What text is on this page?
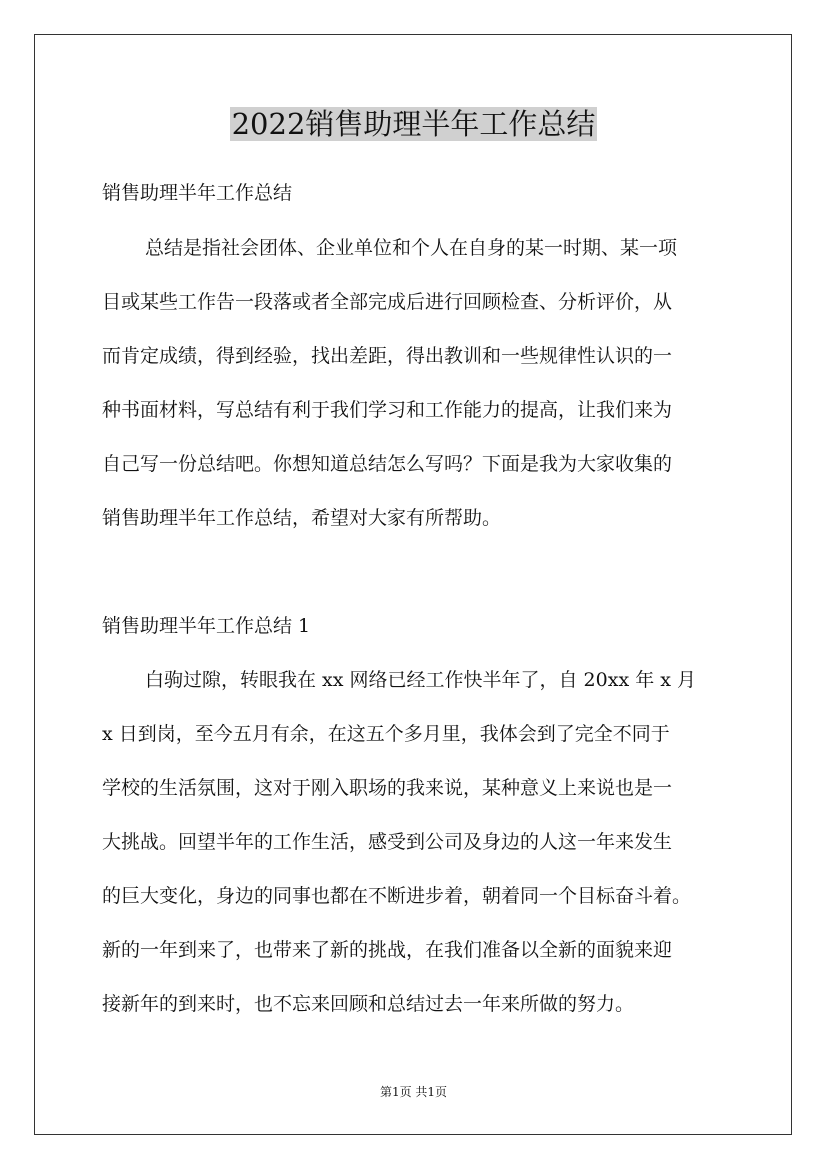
2022销售助理半年工作总结
销售助理半年工作总结
总结是指社会团体、企业单位和个人在自身的某一时期、某一项
目或某些工作告一段落或者全部完成后进行回顾检查、分析评价，从
而肯定成绩，得到经验，找出差距，得出教训和一些规律性认识的一
种书面材料，写总结有利于我们学习和工作能力的提高，让我们来为
自己写一份总结吧。你想知道总结怎么写吗？下面是我为大家收集的
销售助理半年工作总结，希望对大家有所帮助。
销售助理半年工作总结 1
白驹过隙，转眼我在 xx 网络已经工作快半年了，自 20xx 年 x 月
x 日到岗，至今五月有余，在这五个多月里，我体会到了完全不同于
学校的生活氛围，这对于刚入职场的我来说，某种意义上来说也是一
大挑战。回望半年的工作生活，感受到公司及身边的人这一年来发生
的巨大变化，身边的同事也都在不断进步着，朝着同一个目标奋斗着。
新的一年到来了，也带来了新的挑战，在我们准备以全新的面貌来迎
接新年的到来时，也不忘来回顾和总结过去一年来所做的努力。
第1页 共1页
